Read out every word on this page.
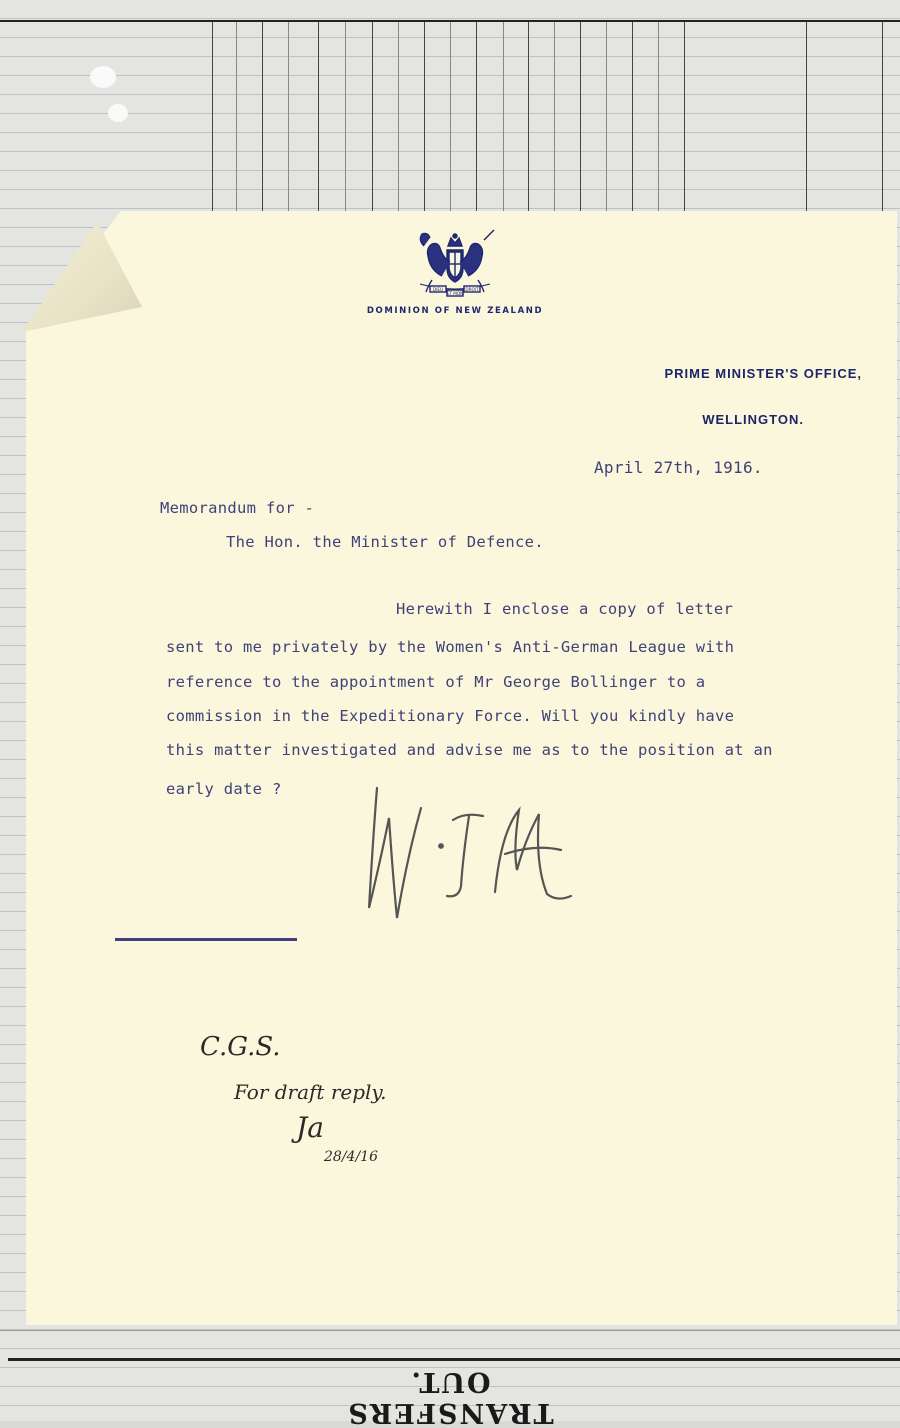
TRANSFERS OUT.
DIEU	DROIT
ET MON
DOMINION OF NEW ZEALAND
PRIME MINISTER'S OFFICE,
WELLINGTON.
April 27th, 1916.
Memorandum for -
The Hon. the Minister of Defence.
Herewith I enclose a copy of letter
sent to me privately by the Women's Anti-German League with
reference to the appointment of Mr George Bollinger to a
commission in the Expeditionary Force. Will you kindly have
this matter investigated and advise me as to the position at an
early date ?
C.G.S.
For draft reply.
Ja
28/4/16
